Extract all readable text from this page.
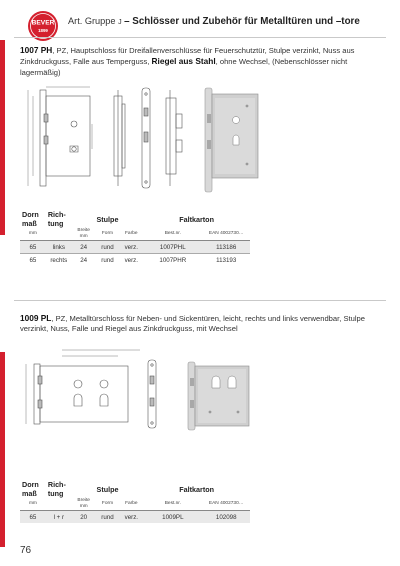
BEVER
1899
Art. Gruppe J – Schlösser und Zubehör für Metalltüren und –tore
1007 PH, PZ, Hauptschloss für Dreifallenverschlüsse für Feuerschutztür, Stulpe verzinkt, Nuss aus Zinkdruckguss, Falle aus Temperguss, Riegel aus Stahl, ohne Wechsel, (Nebenschlösser nicht lagermäßig)
Dorn maß	Rich-tung	Stulpe			Faltkarton	
mm		Breite mm	Form	Farbe	Best.nr.	EAN 4002730…
65	links	24	rund	verz.	1007PHL	113186
65	rechts	24	rund	verz.	1007PHR	113193
1009 PL, PZ, Metalltürschloss für Neben- und Sickentüren, leicht, rechts und links verwendbar, Stulpe verzinkt, Nuss, Falle und Riegel aus Zinkdruckguss, mit Wechsel
Dorn maß	Rich-tung	Stulpe			Faltkarton	
mm		Breite mm	Form	Farbe	Best.nr.	EAN 4002730…
65	l + r	20	rund	verz.	1009PL	102098
76
